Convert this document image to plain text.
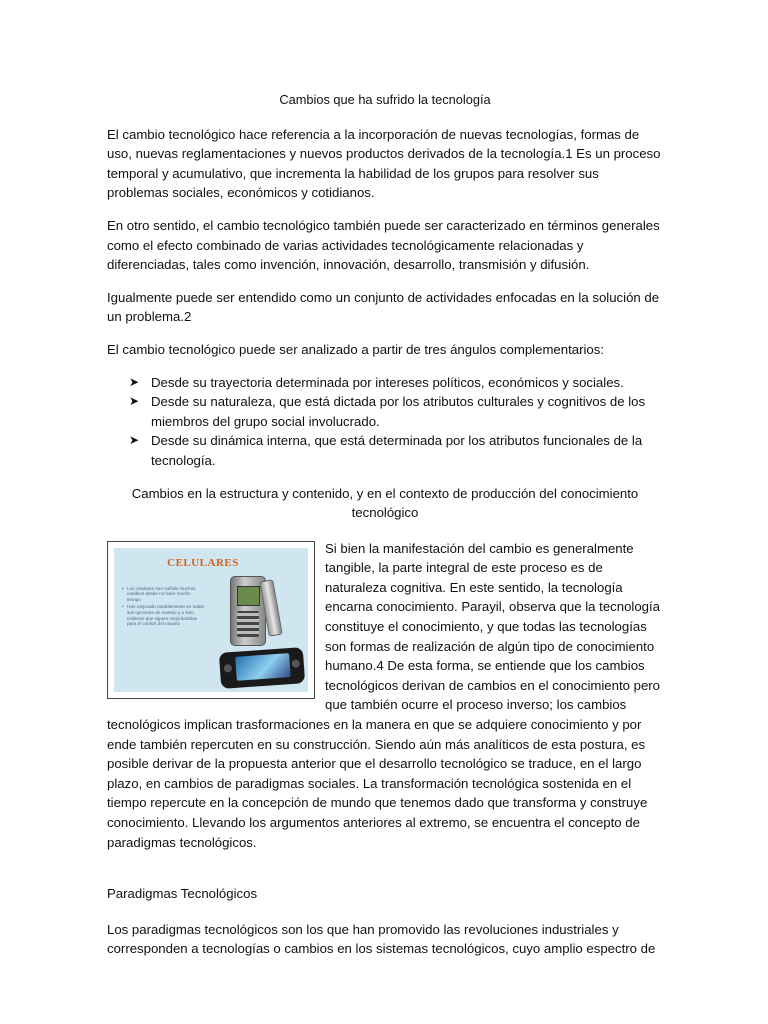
Cambios que ha sufrido la tecnología

El cambio tecnológico hace referencia a la incorporación de nuevas tecnologías, formas de uso, nuevas reglamentaciones y nuevos productos derivados de la tecnología.1 Es un proceso temporal y acumulativo, que incrementa la habilidad de los grupos para resolver sus problemas sociales, económicos y cotidianos.

En otro sentido, el cambio tecnológico también puede ser caracterizado en términos generales como el efecto combinado de varias actividades tecnológicamente relacionadas y diferenciadas, tales como invención, innovación, desarrollo, transmisión y difusión.

Igualmente puede ser entendido como un conjunto de actividades enfocadas en la solución de un problema.2

El cambio tecnológico puede ser analizado a partir de tres ángulos complementarios:

➤ Desde su trayectoria determinada por intereses políticos, económicos y sociales.
➤ Desde su naturaleza, que está dictada por los atributos culturales y cognitivos de los miembros del grupo social involucrado.
➤ Desde su dinámica interna, que está determinada por los atributos funcionales de la tecnología.
Cambios en la estructura y contenido, y en el contexto de producción del conocimiento tecnológico
CELULARES
• Los celulares han sufrido muchos cambios desde no hace mucho tiempo
• Han mejorado notablemente en todas sus opciones de manejo y a sido evidente que siguen mejorándolas para el confort del usuario

Si bien la manifestación del cambio es generalmente tangible, la parte integral de este proceso es de naturaleza cognitiva. En este sentido, la tecnología encarna conocimiento. Parayil, observa que la tecnología constituye el conocimiento, y que todas las tecnologías son formas de realización de algún tipo de conocimiento humano.4 De esta forma, se entiende que los cambios tecnológicos derivan de cambios en el conocimiento pero que también ocurre el proceso inverso; los cambios tecnológicos implican trasformaciones en la manera en que se adquiere conocimiento y por ende también repercuten en su construcción. Siendo aún más analíticos de esta postura, es posible derivar de la propuesta anterior que el desarrollo tecnológico se traduce, en el largo plazo, en cambios de paradigmas sociales. La transformación tecnológica sostenida en el tiempo repercute en la concepción de mundo que tenemos dado que transforma y construye conocimiento. Llevando los argumentos anteriores al extremo, se encuentra el concepto de paradigmas tecnológicos.

Paradigmas Tecnológicos

Los paradigmas tecnológicos son los que han promovido las revoluciones industriales y corresponden a tecnologías o cambios en los sistemas tecnológicos, cuyo amplio espectro de
